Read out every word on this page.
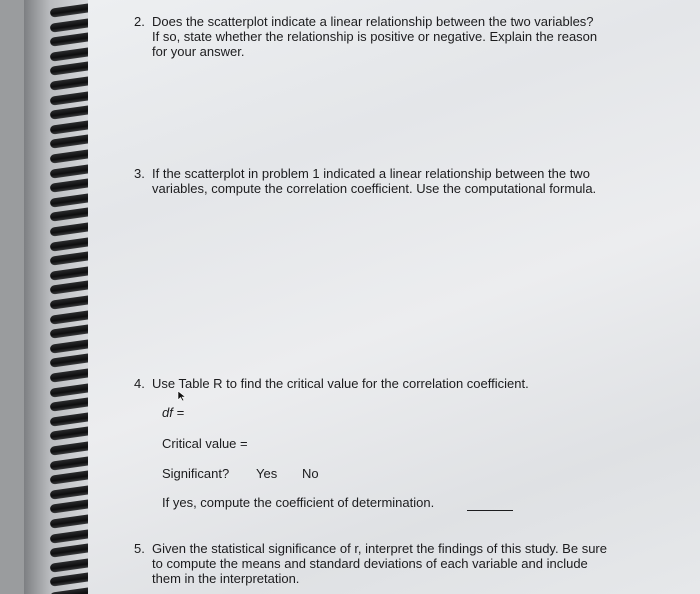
2. Does the scatterplot indicate a linear relationship between the two variables?
If so, state whether the relationship is positive or negative. Explain the reason
for your answer.
3. If the scatterplot in problem 1 indicated a linear relationship between the two
variables, compute the correlation coefficient. Use the computational formula.
4. Use Table R to find the critical value for the correlation coefficient.
df =
Critical value =
Significant? Yes No
If yes, compute the coefficient of determination.
5. Given the statistical significance of r, interpret the findings of this study. Be sure
to compute the means and standard deviations of each variable and include
them in the interpretation.
